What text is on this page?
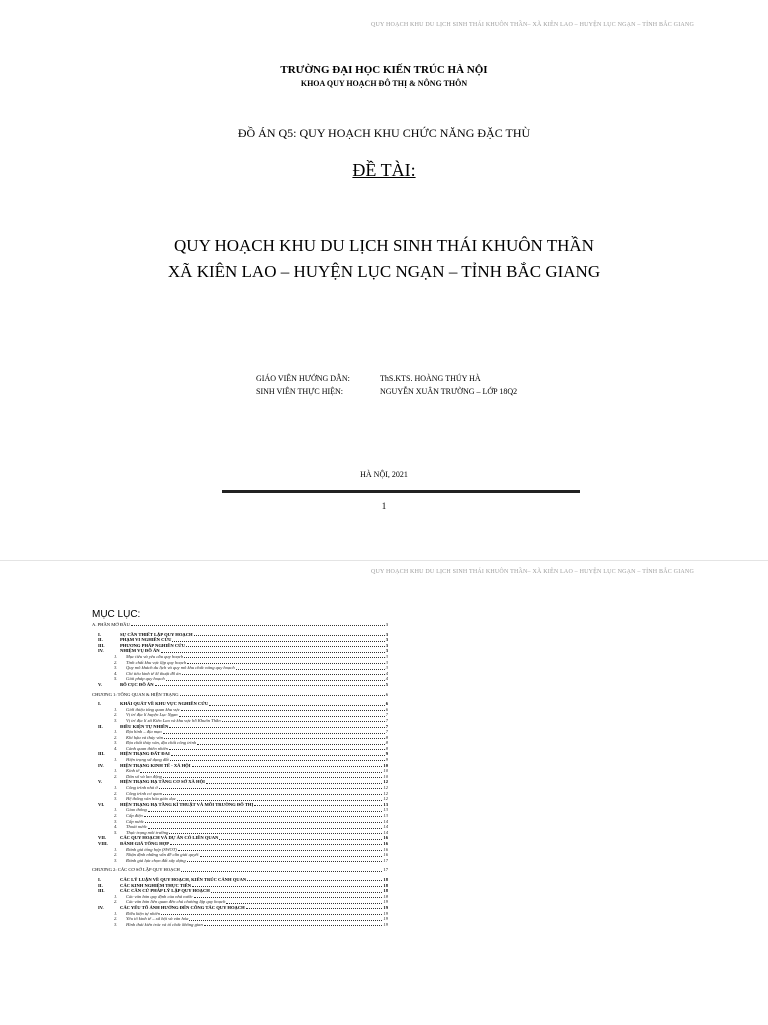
QUY HOẠCH KHU DU LỊCH SINH THÁI KHUÔN THẦN– XÃ KIÊN LAO – HUYỆN LỤC NGẠN – TỈNH BẮC GIANG
TRƯỜNG ĐẠI HỌC KIẾN TRÚC HÀ NỘI
KHOA QUY HOẠCH ĐÔ THỊ & NÔNG THÔN
ĐỒ ÁN Q5: QUY HOẠCH KHU CHỨC NĂNG ĐẶC THÙ
ĐỀ TÀI:
QUY HOẠCH KHU DU LỊCH SINH THÁI KHUÔN THẦN
XÃ KIÊN LAO – HUYỆN LỤC NGẠN – TỈNH BẮC GIANG
GIÁO VIÊN HƯỚNG DẪN:	ThS.KTS. HOÀNG THÚY HÀ
SINH VIÊN THỰC HIỆN:	NGUYỄN XUÂN TRƯỜNG – LỚP 18Q2
HÀ NỘI, 2021
1
QUY HOẠCH KHU DU LỊCH SINH THÁI KHUÔN THẦN– XÃ KIÊN LAO – HUYỆN LỤC NGẠN – TỈNH BẮC GIANG
MỤC LỤC:
A. PHẦN MỞ ĐẦU	3
I.	SỰ CẦN THIẾT LẬP QUY HOẠCH	3
II.	PHẠM VI NGHIÊN CỨU	3
III.	PHƯƠNG PHÁP NGHIÊN CỨU	3
IV.	NHIỆM VỤ ĐỒ ÁN	3
1.	Mục tiêu và yêu cầu quy hoạch	3
2.	Tính chất khu vực lập quy hoạch	3
3.	Quy mô khách du lịch và quy mô khu chức năng quy hoạch	3
4.	Chỉ tiêu kinh tế kĩ thuật đồ án	4
5.	Giải pháp quy hoạch	4
V.	BỐ CỤC ĐỒ ÁN	5
CHƯƠNG 1: TỔNG QUAN & HIỆN TRẠNG	6
I.	KHÁI QUÁT VỀ KHU VỰC NGHIÊN CỨU	6
1.	Giới thiệu tổng quan khu vực	6
2.	Vị trí địa lí huyện Lục Ngạn	7
3.	Vị trí địa lí xã Kiên Lao và khu vực hồ Khuôn Thần	7
II.	ĐIỀU KIỆN TỰ NHIÊN	7
1.	Địa hình – địa mạo	7
2.	Khí hậu và thủy văn	8
3.	Địa chất thủy văn, địa chất công trình	8
4.	Cảnh quan thiên nhiên	8
III.	HIỆN TRẠNG ĐẤT ĐAI	9
1.	Hiện trạng sử dụng đất	9
IV.	HIỆN TRẠNG KINH TẾ - XÃ HỘI	10
1.	Kinh tế	10
2.	Dân số và lao động	10
V.	HIỆN TRẠNG HẠ TẦNG CƠ SỞ XÃ HỘI	12
1.	Công trình nhà ở	12
2.	Công trình cơ quan	12
3.	Hệ thống văn hóa giáo dục	12
VI.	HIỆN TRẠNG HẠ TẦNG KĨ THUẬT VÀ MÔI TRƯỜNG ĐÔ THỊ	13
1.	Giao thông	13
2.	Cấp điện	13
3.	Cấp nước	14
4.	Thoát nước	14
5.	Thực trạng môi trường	14
VII.	CÁC QUY HOẠCH VÀ DỰ ÁN CÓ LIÊN QUAN	16
VIII.	ĐÁNH GIÁ TỔNG HỢP	16
1.	Đánh giá tổng hợp (SWOT)	16
2.	Nhận định những vấn đề cần giải quyết	16
3.	Đánh giá lựa chọn đất xây dựng	17
CHƯƠNG 2: CÁC CƠ SỞ LẬP QUY HOẠCH	17
I.	CÁC LÝ LUẬN VỀ QUY HOẠCH, KIẾN TRÚC CẢNH QUAN	18
II.	CÁC KINH NGHIỆM THỰC TIỄN	18
III.	CÁC CĂN CỨ PHÁP LÝ LẬP QUY HOẠCH	18
1.	Các văn bản quy định của nhà nước	18
2.	Các văn bản liên quan đến chủ chương lập quy hoạch	19
IV.	CÁC YẾU TỐ ẢNH HƯỞNG ĐẾN CÔNG TÁC QUY HOẠCH	19
1.	Điều kiện tự nhiên	19
2.	Yếu tố kinh tế – xã hội và văn hóa	19
3.	Hình thái kiến trúc và tổ chức không gian	19
